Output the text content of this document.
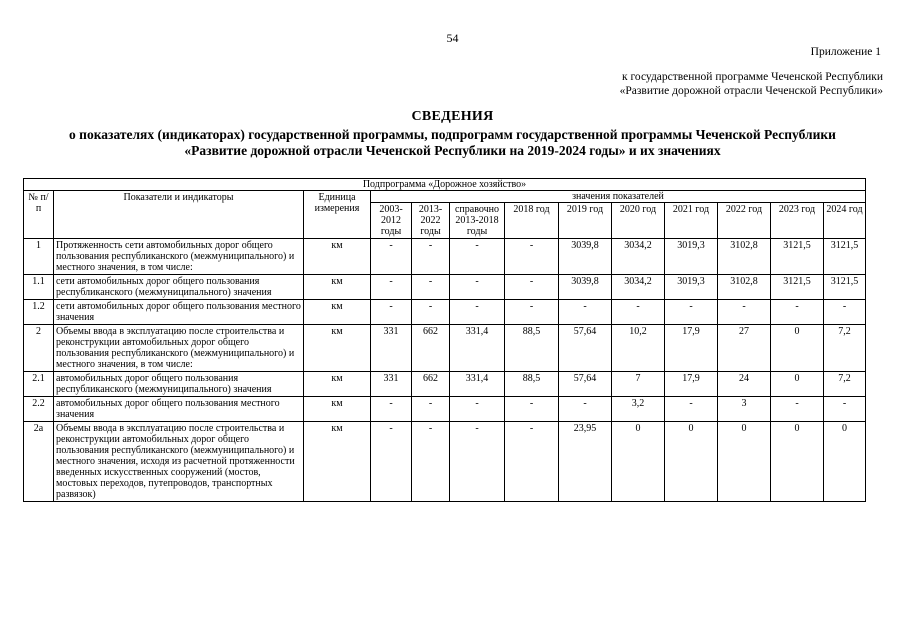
54
Приложение 1
к государственной программе Чеченской Республики
«Развитие дорожной отрасли Чеченской Республики»
СВЕДЕНИЯ
о показателях (индикаторах) государственной программы, подпрограмм государственной программы Чеченской Республики «Развитие дорожной отрасли Чеченской Республики на 2019-2024 годы» и их значениях
Подпрограмма «Дорожное хозяйство»												
№ п/п	Показатели и индикаторы	Единица измерения	значения показателей									
			2003-2012 годы	2013-2022 годы	справочно 2013-2018 годы	2018 год	2019 год	2020 год	2021 год	2022 год	2023 год	2024 год
1	Протяженность сети автомобильных дорог общего пользования республиканского (межмуниципального) и местного значения, в том числе:	км	-	-	-	-	3039,8	3034,2	3019,3	3102,8	3121,5	3121,5
1.1	сети автомобильных дорог общего пользования республиканского (межмуниципального) значения	км	-	-	-	-	3039,8	3034,2	3019,3	3102,8	3121,5	3121,5
1.2	сети автомобильных дорог общего пользования местного значения	км	-	-	-	-	-	-	-	-	-	-
2	Объемы ввода в эксплуатацию после строительства и реконструкции автомобильных дорог общего пользования республиканского (межмуниципального) и местного значения, в том числе:	км	331	662	331,4	88,5	57,64	10,2	17,9	27	0	7,2
2.1	автомобильных дорог общего пользования республиканского (межмуниципального) значения	км	331	662	331,4	88,5	57,64	7	17,9	24	0	7,2
2.2	автомобильных дорог общего пользования местного значения	км	-	-	-	-	-	3,2	-	3	-	-
2а	Объемы ввода в эксплуатацию после строительства и реконструкции автомобильных дорог общего пользования республиканского (межмуниципального) и местного значения, исходя из расчетной протяженности введенных искусственных сооружений (мостов, мостовых переходов, путепроводов, транспортных развязок)	км	-	-	-	-	23,95	0	0	0	0	0
